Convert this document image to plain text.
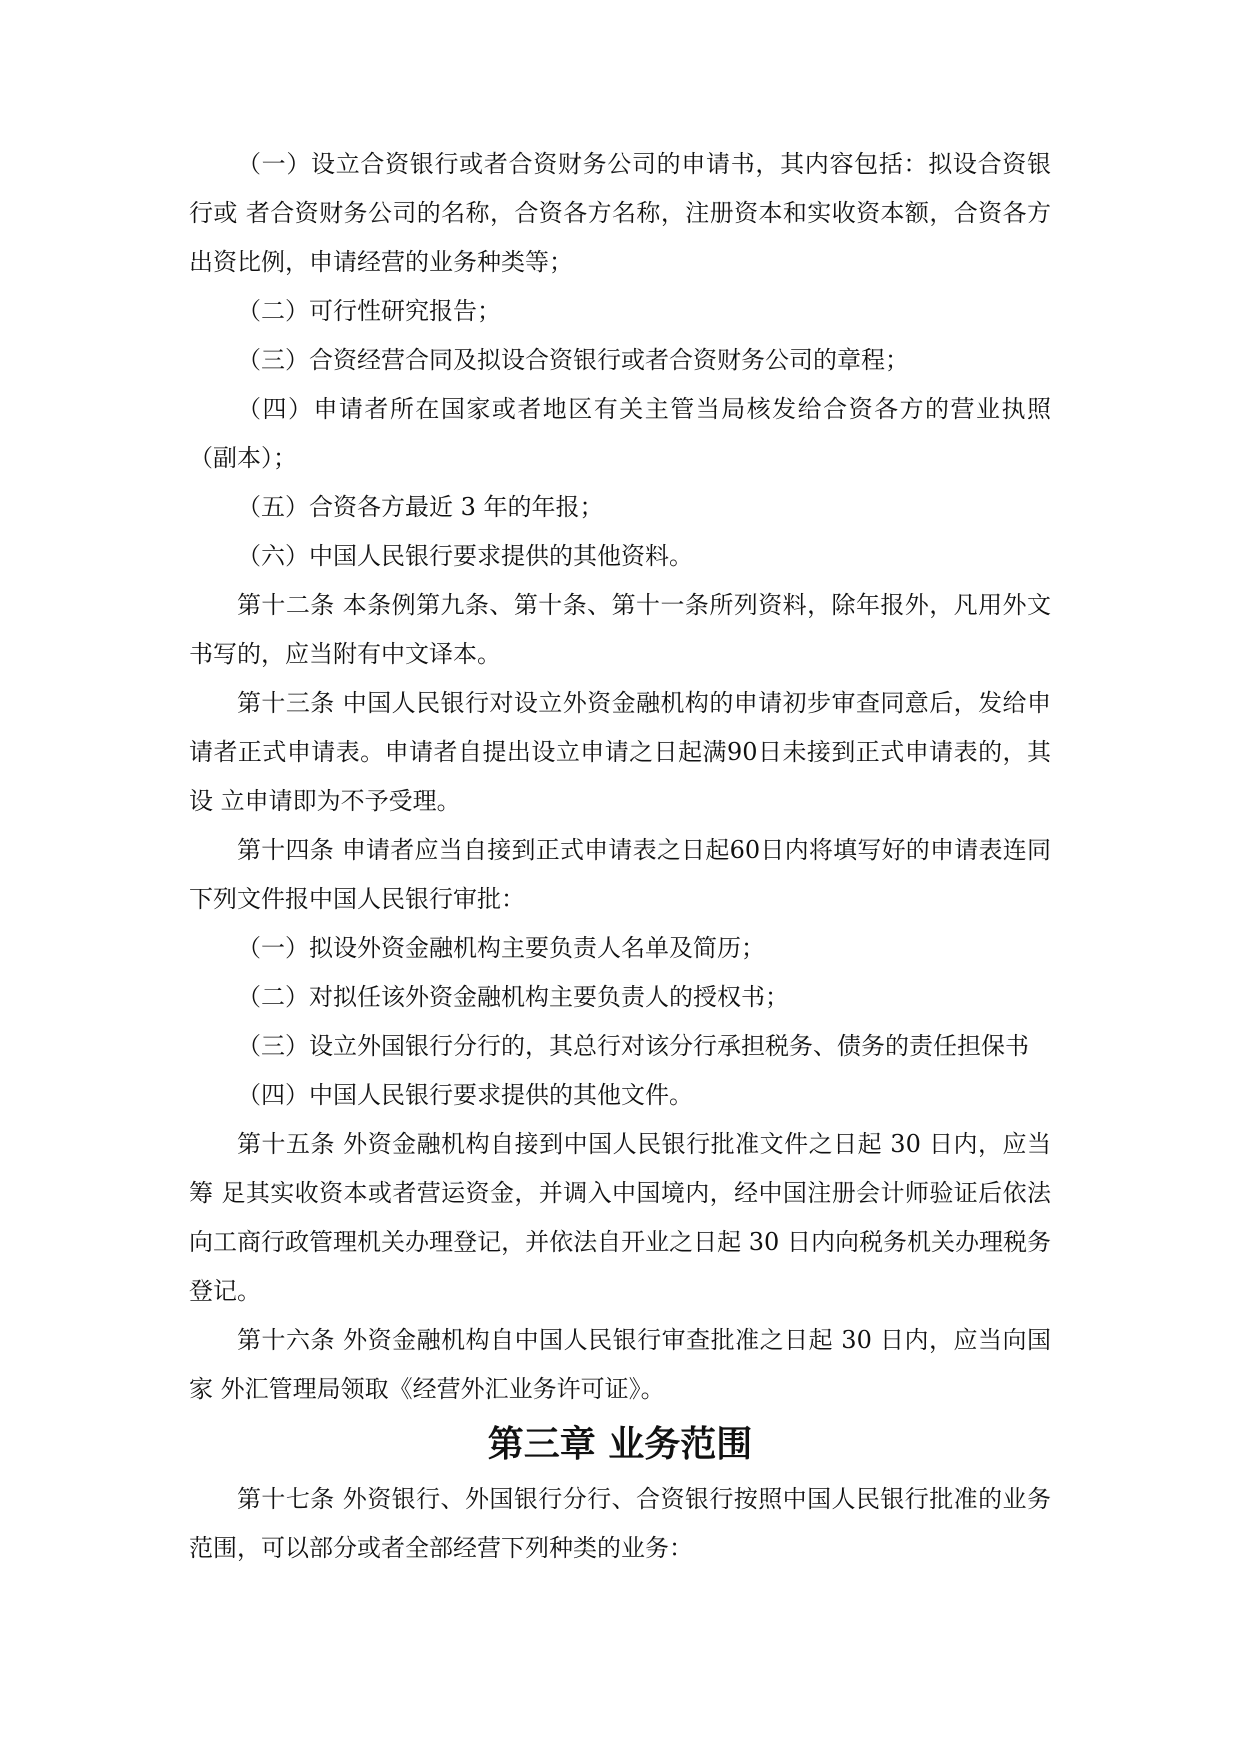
（一）设立合资银行或者合资财务公司的申请书，其内容包括：拟设合资银行或 者合资财务公司的名称，合资各方名称，注册资本和实收资本额，合资各方出资比例，申请经营的业务种类等；

（二）可行性研究报告；

（三）合资经营合同及拟设合资银行或者合资财务公司的章程；

（四）申请者所在国家或者地区有关主管当局核发给合资各方的营业执照（副本）；

（五）合资各方最近 3 年的年报；

（六）中国人民银行要求提供的其他资料。

第十二条 本条例第九条、第十条、第十一条所列资料，除年报外，凡用外文 书写的，应当附有中文译本。

第十三条 中国人民银行对设立外资金融机构的申请初步审查同意后，发给申 请者正式申请表。申请者自提出设立申请之日起满90日未接到正式申请表的，其设 立申请即为不予受理。

第十四条 申请者应当自接到正式申请表之日起60日内将填写好的申请表连同 下列文件报中国人民银行审批：

（一）拟设外资金融机构主要负责人名单及简历；

（二）对拟任该外资金融机构主要负责人的授权书；

（三）设立外国银行分行的，其总行对该分行承担税务、债务的责任担保书

（四）中国人民银行要求提供的其他文件。

第十五条 外资金融机构自接到中国人民银行批准文件之日起 30 日内，应当筹 足其实收资本或者营运资金，并调入中国境内，经中国注册会计师验证后依法向工商行政管理机关办理登记，并依法自开业之日起 30 日内向税务机关办理税务登记。

第十六条 外资金融机构自中国人民银行审查批准之日起 30 日内，应当向国家 外汇管理局领取《经营外汇业务许可证》。

第三章 业务范围

第十七条 外资银行、外国银行分行、合资银行按照中国人民银行批准的业务 范围，可以部分或者全部经营下列种类的业务：
